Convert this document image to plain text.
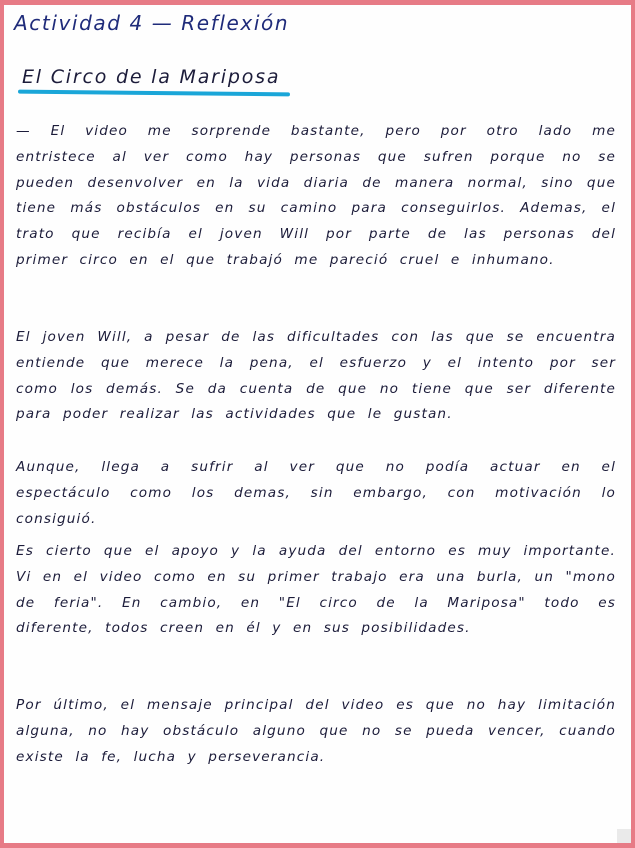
Actividad 4 — Reflexión
El Circo de la Mariposa

— El video me sorprende bastante, pero por otro lado me entristece al ver como hay personas que sufren porque no se pueden desenvolver en la vida diaria de manera normal, sino que tiene más obstáculos en su camino para conseguirlos. Ademas, el trato que recibía el joven Will por parte de las personas del primer circo en el que trabajó me pareció cruel e inhumano.

El joven Will, a pesar de las dificultades con las que se encuentra entiende que merece la pena, el esfuerzo y el intento por ser como los demás. Se da cuenta de que no tiene que ser diferente para poder realizar las actividades que le gustan.

Aunque, llega a sufrir al ver que no podía actuar en el espectáculo como los demas, sin embargo, con motivación lo consiguió.

Es cierto que el apoyo y la ayuda del entorno es muy importante. Vi en el video como en su primer trabajo era una burla, un "mono de feria". En cambio, en "El circo de la Mariposa" todo es diferente, todos creen en él y en sus posibilidades.

Por último, el mensaje principal del video es que no hay limitación alguna, no hay obstáculo alguno que no se pueda vencer, cuando existe la fe, lucha y perseverancia.
